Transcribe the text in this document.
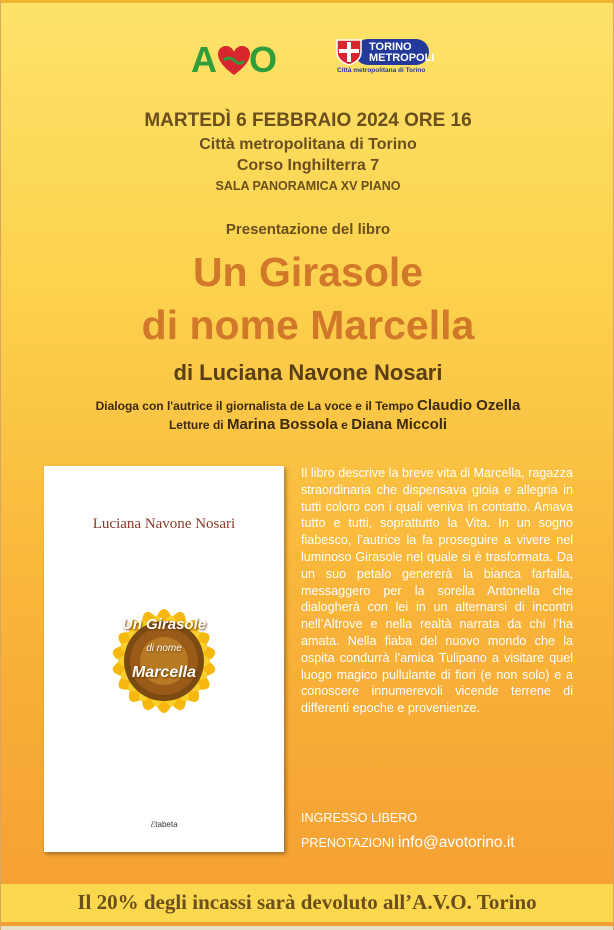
A O	TORINO
METROPOLI
Città metropolitana di Torino
MARTEDÌ 6 FEBBRAIO 2024 ORE 16
Città metropolitana di Torino
Corso Inghilterra 7
SALA PANORAMICA XV PIANO
Presentazione del libro
Un Girasole
di nome Marcella
di Luciana Navone Nosari
Dialoga con l'autrice il giornalista de La voce e il Tempo Claudio Ozella
Letture di Marina Bossola e Diana Miccoli
Luciana Navone Nosari
Un Girasole
di nome
Marcella
ℰtabeta
Il libro descrive la breve vita di Marcella, ragazza straordinaria che dispensava gioia e allegria in tutti coloro con i quali veniva in contatto. Amava tutto e tutti, soprattutto la Vita. In un sogno fiabesco, l’autrice la fa proseguire a vivere nel luminoso Girasole nel quale si è trasformata. Da un suo petalo genererà la bianca farfalla, messaggero per la sorella Antonella che dialogherà con lei in un alternarsi di incontri nell’Altrove e nella realtà narrata da chi l’ha amata. Nella fiaba del nuovo mondo che la ospita condurrà l’amica Tulipano a visitare quel luogo magico pullulante di fiori (e non solo) e a conoscere innumerevoli vicende terrene di differenti epoche e provenienze.
INGRESSO LIBERO
PRENOTAZIONI info@avotorino.it
Il 20% degli incassi sarà devoluto all’A.V.O. Torino
